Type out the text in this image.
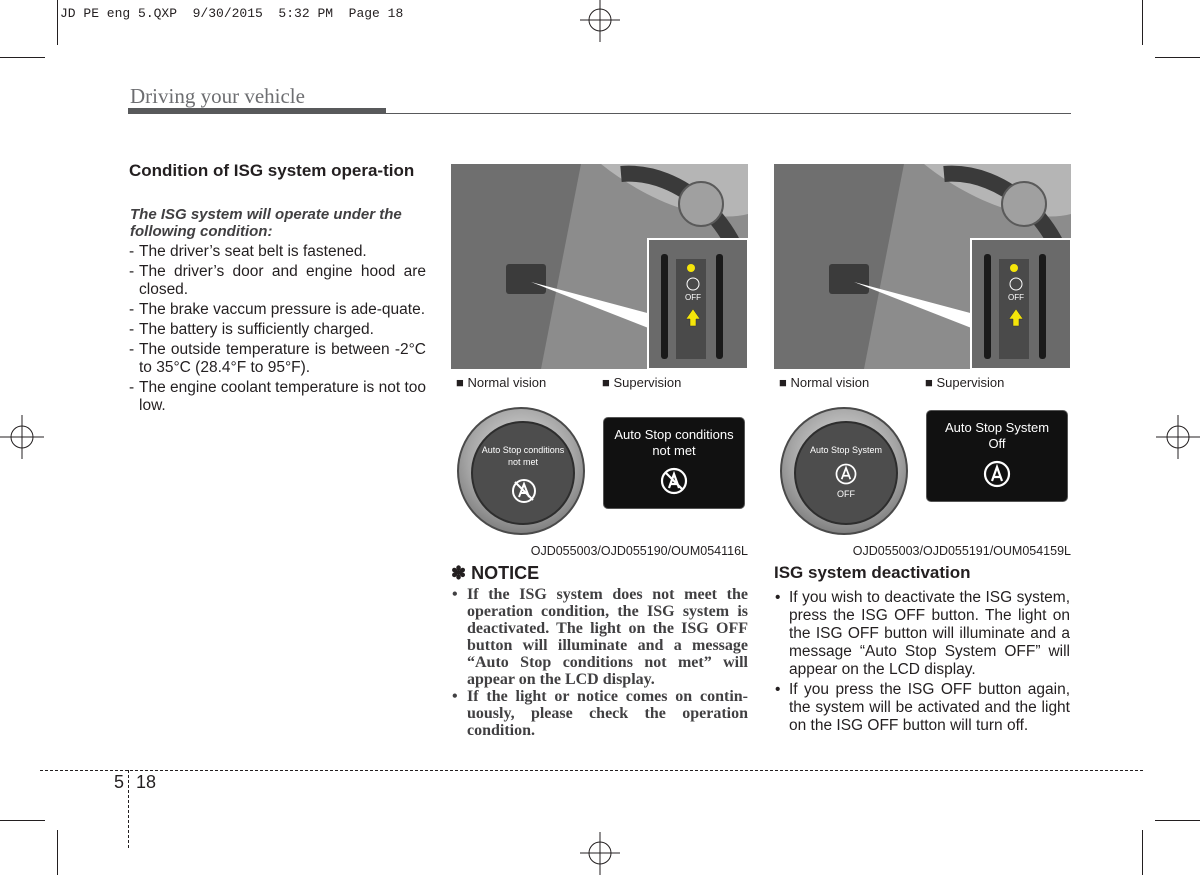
JD PE eng 5.QXP  9/30/2015  5:32 PM  Page 18
Driving your vehicle
Condition of ISG system opera-tion
The ISG system will operate under the following condition:
- The driver’s seat belt is fastened.
- The driver’s door and engine hood are closed.
- The brake vaccum pressure is ade-quate.
- The battery is sufficiently charged.
- The outside temperature is between -2°C to 35°C (28.4°F to 95°F).
- The engine coolant temperature is not too low.
OFF
■ Normal vision	■ Supervision
Auto Stop conditions
not met
Auto Stop conditions
not met
OJD055003/OJD055190/OUM054116L
OFF
■ Normal vision	■ Supervision
Auto Stop System
OFF
Auto Stop System
Off
OJD055003/OJD055191/OUM054159L
✽ NOTICE
• If the ISG system does not meet the operation condition, the ISG system is deactivated. The light on the ISG OFF button will illuminate and a message “Auto Stop conditions not met” will appear on the LCD display.
• If the light or notice comes on contin-uously, please check the operation condition.
ISG system deactivation
• If you wish to deactivate the ISG system, press the ISG OFF button. The light on the ISG OFF button will illuminate and a message “Auto Stop System OFF” will appear on the LCD display.
• If you press the ISG OFF button again, the system will be activated and the light on the ISG OFF button will turn off.
5 18
